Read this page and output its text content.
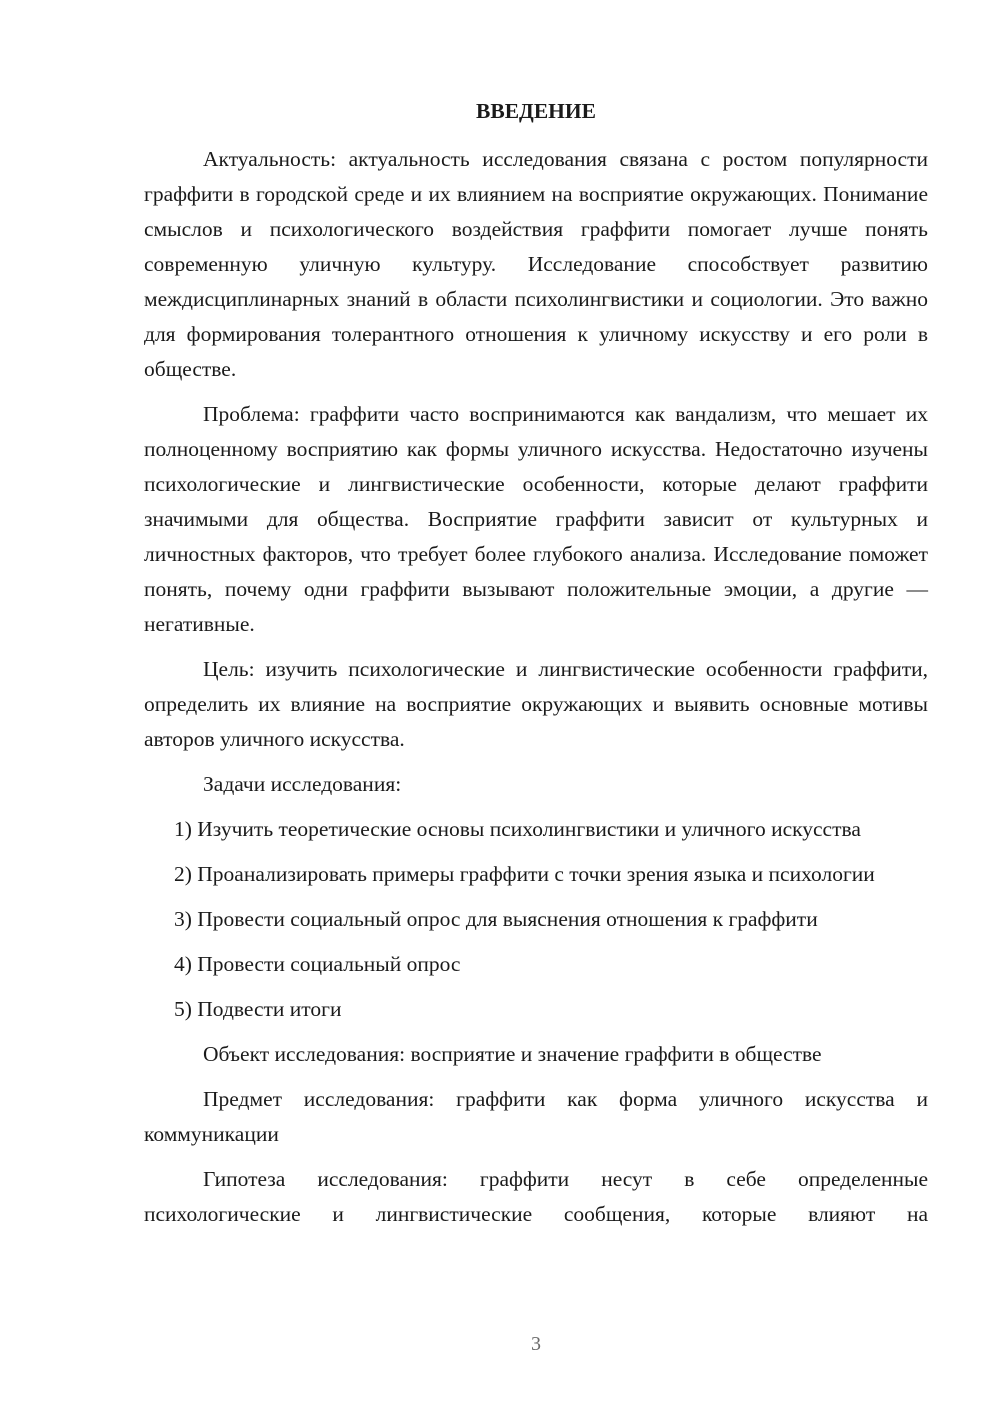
ВВЕДЕНИЕ

Актуальность: актуальность исследования связана с ростом популярности граффити в городской среде и их влиянием на восприятие окружающих. Понимание смыслов и психологического воздействия граффити помогает лучше понять современную уличную культуру. Исследование способствует развитию междисциплинарных знаний в области психолингвистики и социологии. Это важно для формирования толерантного отношения к уличному искусству и его роли в обществе.

Проблема: граффити часто воспринимаются как вандализм, что мешает их полноценному восприятию как формы уличного искусства. Недостаточно изучены психологические и лингвистические особенности, которые делают граффити значимыми для общества. Восприятие граффити зависит от культурных и личностных факторов, что требует более глубокого анализа. Исследование поможет понять, почему одни граффити вызывают положительные эмоции, а другие — негативные.

Цель: изучить психологические и лингвистические особенности граффити, определить их влияние на восприятие окружающих и выявить основные мотивы авторов уличного искусства.

Задачи исследования:

1) Изучить теоретические основы психолингвистики и уличного искусства

2) Проанализировать примеры граффити с точки зрения языка и психологии

3) Провести социальный опрос для выяснения отношения к граффити

4) Провести социальный опрос

5) Подвести итоги

Объект исследования: восприятие и значение граффити в обществе

Предмет исследования: граффити как форма уличного искусства и коммуникации

Гипотеза исследования: граффити несут в себе определенные психологические и лингвистические сообщения, которые влияют на

3
